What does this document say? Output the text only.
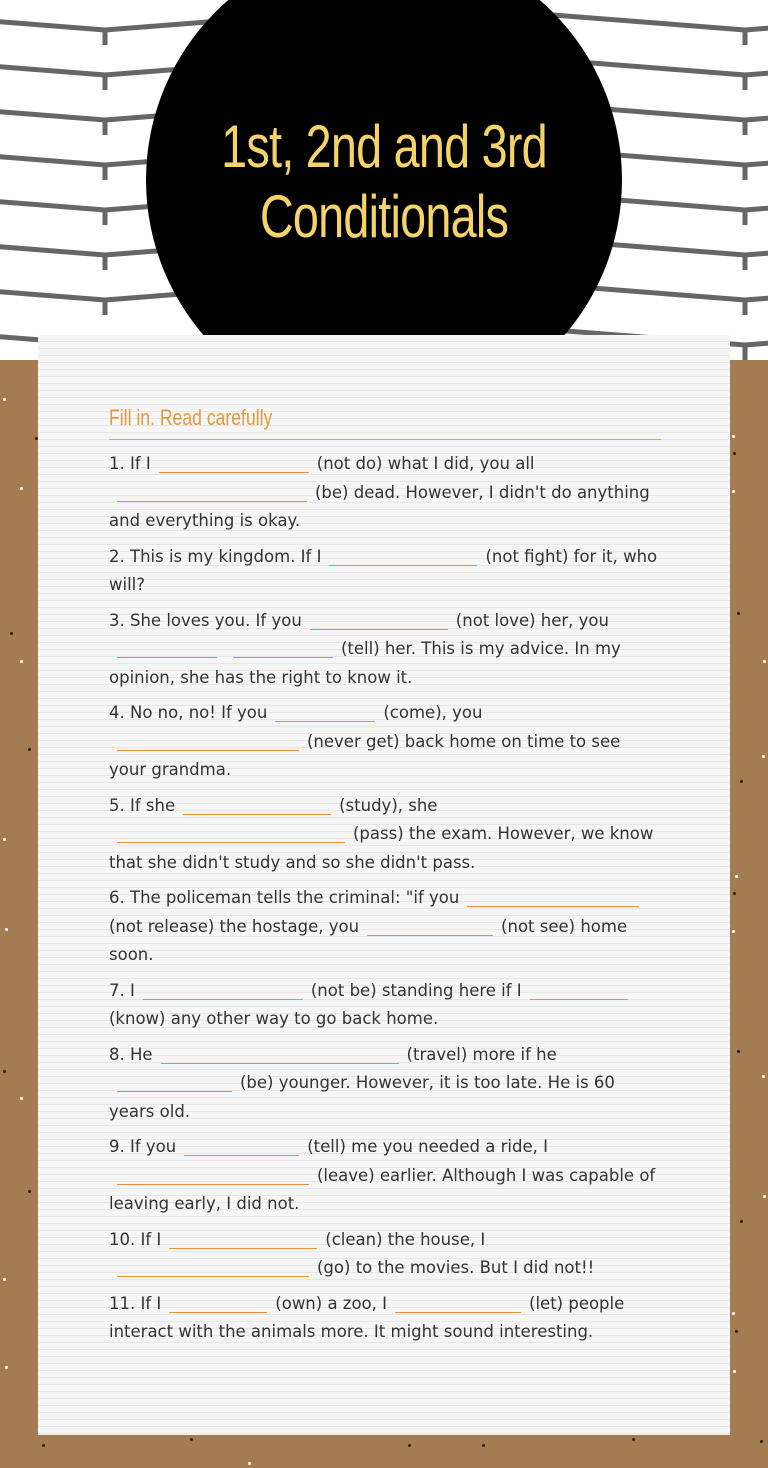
1st, 2nd and 3rd
Conditionals
Fill in. Read carefully
1. If I	(not do) what I did, you all(be) dead. However, I didn't do anything and everything is okay.
2. This is my kingdom. If I	(not fight) for it, who will?
3. She loves you. If you	(not love) her, you(tell) her. This is my advice. In my opinion, she has the right to know it.
4. No no, no! If you	(come), you(never get) back home on time to see your grandma.
5. If she	(study), she(pass) the exam. However, we know that she didn't study and so she didn't pass.
6. The policeman tells the criminal: "if you(not release) the hostage, you	(not see) home soon.
7. I	(not be) standing here if I(know) any other way to go back home.
8. He	(travel) more if he(be) younger. However, it is too late. He is 60 years old.
9. If you	(tell) me you needed a ride, I(leave) earlier. Although I was capable of leaving early, I did not.
10. If I	(clean) the house, I(go) to the movies. But I did not!!
11. If I	(own) a zoo, I	(let) people interact with the animals more. It might sound interesting.
